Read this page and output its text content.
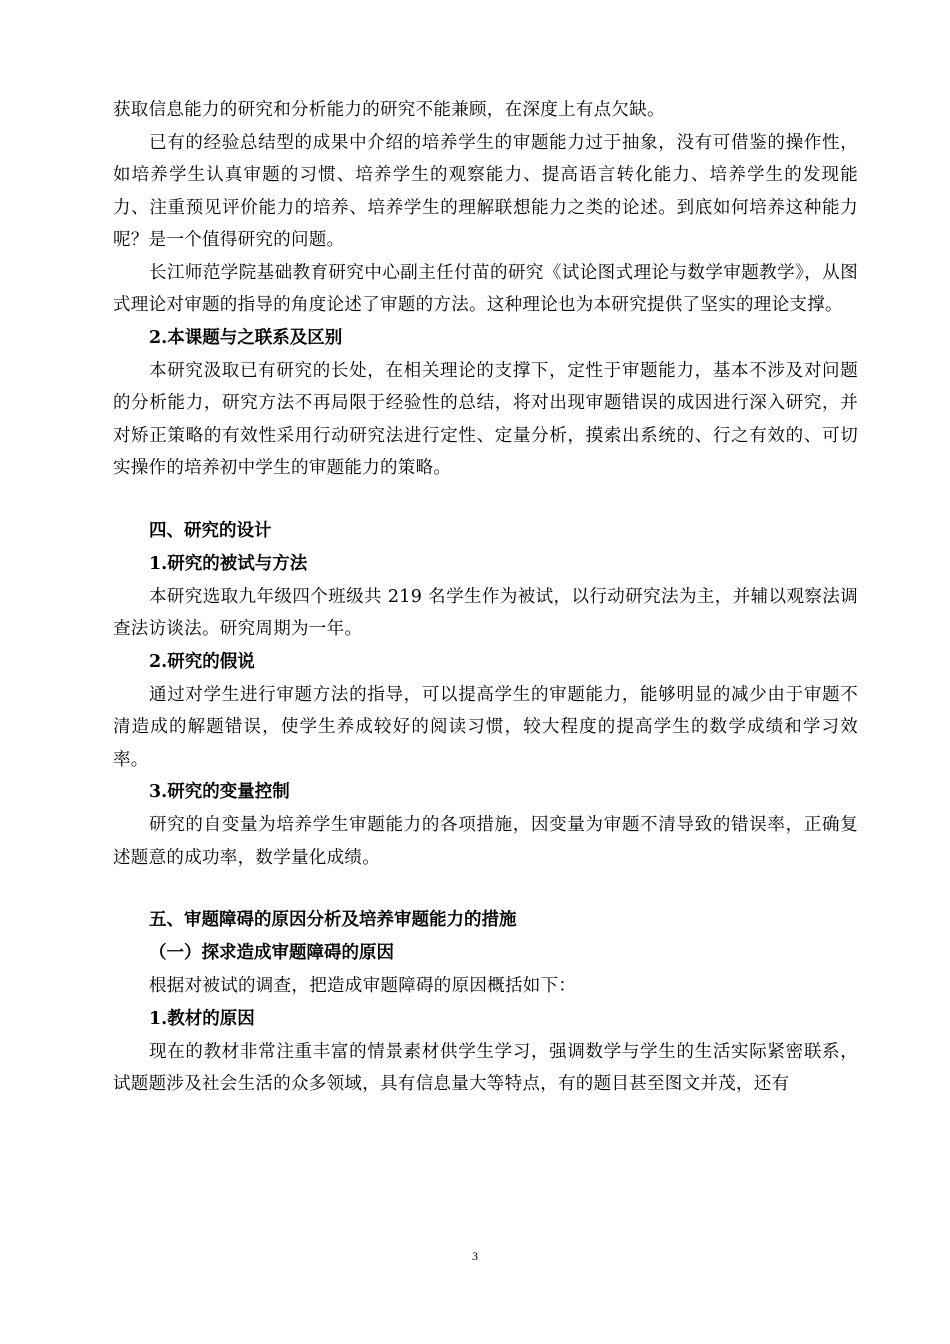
获取信息能力的研究和分析能力的研究不能兼顾，在深度上有点欠缺。

已有的经验总结型的成果中介绍的培养学生的审题能力过于抽象，没有可借鉴的操作性，如培养学生认真审题的习惯、培养学生的观察能力、提高语言转化能力、培养学生的发现能力、注重预见评价能力的培养、培养学生的理解联想能力之类的论述。到底如何培养这种能力呢？是一个值得研究的问题。

长江师范学院基础教育研究中心副主任付苗的研究《试论图式理论与数学审题教学》，从图式理论对审题的指导的角度论述了审题的方法。这种理论也为本研究提供了坚实的理论支撑。

2.本课题与之联系及区别

本研究汲取已有研究的长处，在相关理论的支撑下，定性于审题能力，基本不涉及对问题的分析能力，研究方法不再局限于经验性的总结，将对出现审题错误的成因进行深入研究，并对矫正策略的有效性采用行动研究法进行定性、定量分析，摸索出系统的、行之有效的、可切实操作的培养初中学生的审题能力的策略。

四、研究的设计

1.研究的被试与方法

本研究选取九年级四个班级共 219 名学生作为被试，以行动研究法为主，并辅以观察法调查法访谈法。研究周期为一年。

2.研究的假说

通过对学生进行审题方法的指导，可以提高学生的审题能力，能够明显的减少由于审题不清造成的解题错误，使学生养成较好的阅读习惯，较大程度的提高学生的数学成绩和学习效率。

3.研究的变量控制

研究的自变量为培养学生审题能力的各项措施，因变量为审题不清导致的错误率，正确复述题意的成功率，数学量化成绩。

五、审题障碍的原因分析及培养审题能力的措施

（一）探求造成审题障碍的原因

根据对被试的调查，把造成审题障碍的原因概括如下：

1.教材的原因

现在的教材非常注重丰富的情景素材供学生学习，强调数学与学生的生活实际紧密联系，试题题涉及社会生活的众多领域，具有信息量大等特点，有的题目甚至图文并茂，还有

3
